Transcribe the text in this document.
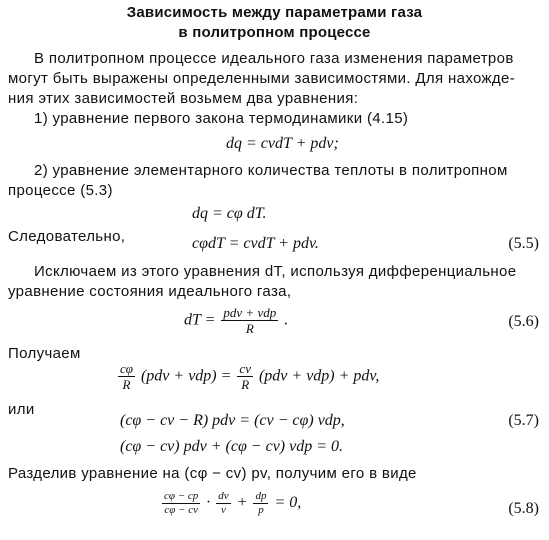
Зависимость между параметрами газа
в политропном процессе
В политропном процессе идеального газа изменения параметров
могут быть выражены определенными зависимостями. Для нахожде-
ния этих зависимостей возьмем два уравнения:
1) уравнение первого закона термодинамики (4.15)
dq = cvdT + pdv;
2) уравнение элементарного количества теплоты в политропном
процессе (5.3)
dq = cφ dT.
Следовательно,	cφdT = cvdT + pdv.	(5.5)
Исключаем из этого уравнения dT, используя дифференциальное
уравнение состояния идеального газа,
dT = $\frac{\text{pdv + vdp}}{R}$ .	(5.6)
Получаем
$\frac{c\varphi}{R} (pdv + vdp) = \frac{cv}{R} (pdv + vdp)$ + pdv,
или
(cφ − cv − R) pdv = (cv − cφ) vdp,	(5.7)
(cφ − cv) pdv + (cφ − cv) vdp = 0.
Разделив уравнение на (cφ − cv) pv, получим его в виде
$\frac{c\varphi - cp}{c\varphi - cv} \cdot \frac{dv}{v} + \frac{dp}{p} = 0$,	(5.8)
